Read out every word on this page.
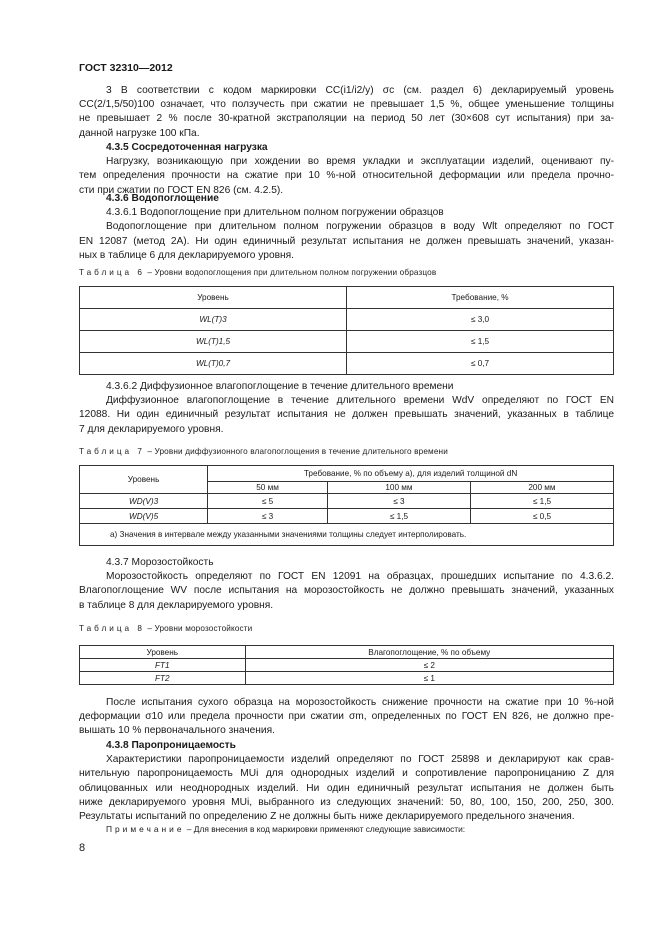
ГОСТ 32310—2012
3 В соответствии с кодом маркировки CC(i1/i2/y) σc (см. раздел 6) декларируемый уровень
CC(2/1,5/50)100 означает, что ползучесть при сжатии не превышает 1,5 %, общее уменьшение толщины
не превышает 2 % после 30-кратной экстраполяции на период 50 лет (30×608 сут испытания) при за-
данной нагрузке 100 кПа.
4.3.5 Сосредоточенная нагрузка
Нагрузку, возникающую при хождении во время укладки и эксплуатации изделий, оценивают пу-
тем определения прочности на сжатие при 10 %-ной относительной деформации или предела прочно-
сти при сжатии по ГОСТ EN 826 (см. 4.2.5).
4.3.6 Водопоглощение
4.3.6.1 Водопоглощение при длительном полном погружении образцов
Водопоглощение при длительном полном погружении образцов в воду Wlt определяют по ГОСТ
EN 12087 (метод 2А). Ни один единичный результат испытания не должен превышать значений, указан-
ных в таблице 6 для декларируемого уровня.
Таблица 6 – Уровни водопоглощения при длительном полном погружении образцов
Уровень	Требование, %
WL(T)3	≤ 3,0
WL(T)1,5	≤ 1,5
WL(T)0,7	≤ 0,7
4.3.6.2 Диффузионное влагопоглощение в течение длительного времени
Диффузионное влагопоглощение в течение длительного времени WdV определяют по ГОСТ EN
12088. Ни один единичный результат испытания не должен превышать значений, указанных в таблице
7 для декларируемого уровня.
Таблица 7 – Уровни диффузионного влагопоглощения в течение длительного времени
Уровень	Требование, % по объему a), для изделий толщиной dN		
	50 мм	100 мм	200 мм
WD(V)3	≤ 5	≤ 3	≤ 1,5
WD(V)5	≤ 3	≤ 1,5	≤ 0,5
a) Значения в интервале между указанными значениями толщины следует интерполировать.			
4.3.7 Морозостойкость
Морозостойкость определяют по ГОСТ EN 12091 на образцах, прошедших испытание по 4.3.6.2.
Влагопоглощение WV после испытания на морозостойкость не должно превышать значений, указанных
в таблице 8 для декларируемого уровня.
Таблица 8 – Уровни морозостойкости
Уровень	Влагопоглощение, % по объему
FT1	≤ 2
FT2	≤ 1
После испытания сухого образца на морозостойкость снижение прочности на сжатие при 10 %-ной
деформации σ10 или предела прочности при сжатии σm, определенных по ГОСТ EN 826, не должно пре-
вышать 10 % первоначального значения.
4.3.8 Паропроницаемость
Характеристики паропроницаемости изделий определяют по ГОСТ 25898 и декларируют как срав-
нительную паропроницаемость MUi для однородных изделий и сопротивление паропроницанию Z для
облицованных или неоднородных изделий. Ни один единичный результат испытания не должен быть
ниже декларируемого уровня MUi, выбранного из следующих значений: 50, 80, 100, 150, 200, 250, 300.
Результаты испытаний по определению Z не должны быть ниже декларируемого предельного значения.
Примечание – Для внесения в код маркировки применяют следующие зависимости:
8
